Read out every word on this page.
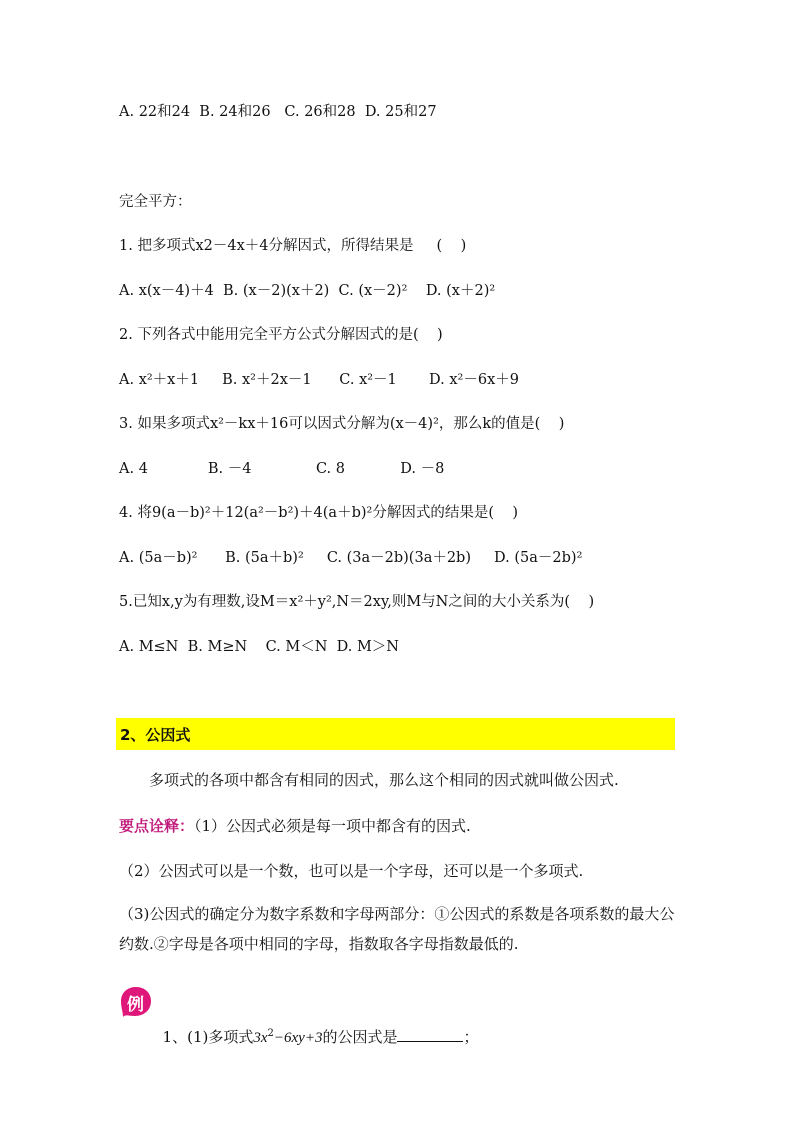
A. 22和24  B. 24和26   C. 26和28  D. 25和27
完全平方：
1. 把多项式x2－4x＋4分解因式，所得结果是     (    )
A. x(x－4)＋4  B. (x－2)(x＋2)  C. (x－2)²    D. (x＋2)²
2. 下列各式中能用完全平方公式分解因式的是(    )
A. x²＋x＋1     B. x²＋2x－1      C. x²－1       D. x²－6x＋9
3. 如果多项式x²－kx＋16可以因式分解为(x－4)²，那么k的值是(    )
A. 4             B. －4              C. 8            D. －8
4. 将9(a－b)²＋12(a²－b²)＋4(a＋b)²分解因式的结果是(    )
A. (5a－b)²      B. (5a＋b)²     C. (3a－2b)(3a＋2b)     D. (5a－2b)²
5.已知x,y为有理数,设M＝x²＋y²,N＝2xy,则M与N之间的大小关系为(    )
A. M≤N  B. M≥N    C. M＜N  D. M＞N
2、公因式
多项式的各项中都含有相同的因式，那么这个相同的因式就叫做公因式.
要点诠释：（1）公因式必须是每一项中都含有的因式.
（2）公因式可以是一个数，也可以是一个字母，还可以是一个多项式.
（3)公因式的确定分为数字系数和字母两部分：①公因式的系数是各项系数的最大公约数.②字母是各项中相同的字母，指数取各字母指数最低的.
例

1、(1)多项式$3x^2-6xy+3$的公因式是	；
